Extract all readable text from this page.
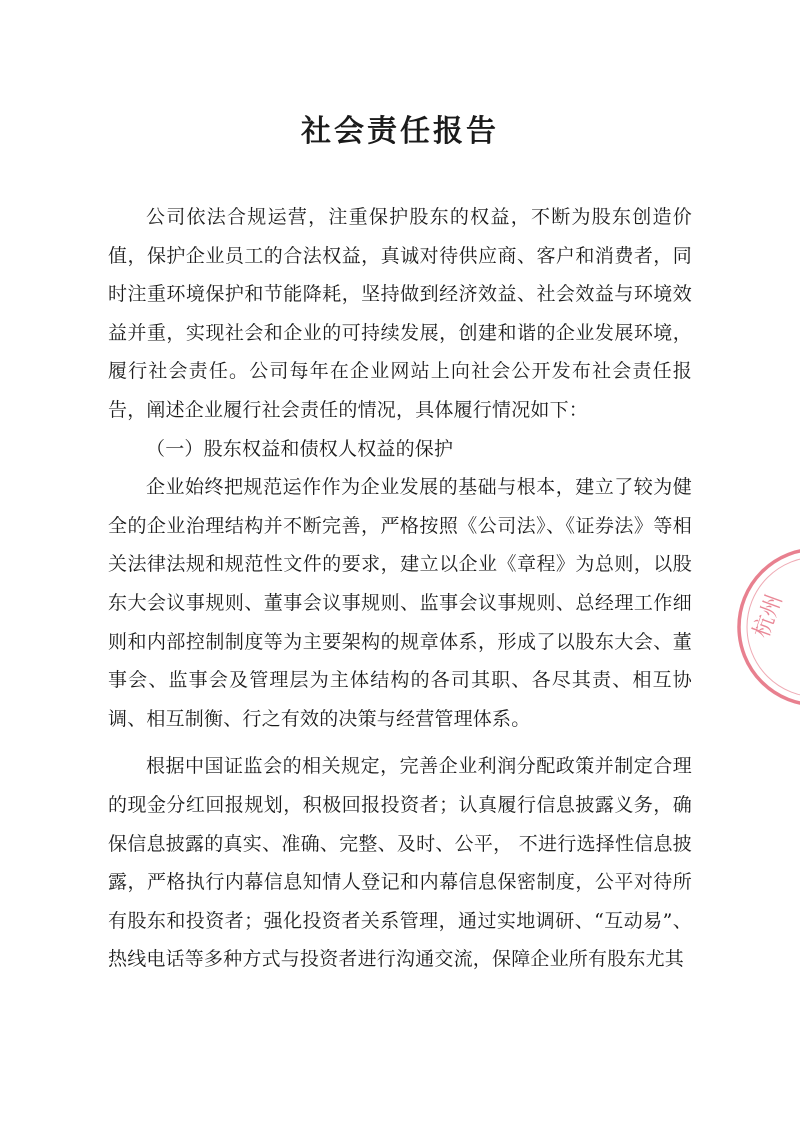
社会责任报告

公司依法合规运营，注重保护股东的权益，不断为股东创造价值，保护企业员工的合法权益，真诚对待供应商、客户和消费者，同时注重环境保护和节能降耗，坚持做到经济效益、社会效益与环境效益并重，实现社会和企业的可持续发展，创建和谐的企业发展环境，履行社会责任。公司每年在企业网站上向社会公开发布社会责任报告，阐述企业履行社会责任的情况，具体履行情况如下：

（一）股东权益和债权人权益的保护

企业始终把规范运作作为企业发展的基础与根本，建立了较为健全的企业治理结构并不断完善，严格按照《公司法》、《证券法》等相关法律法规和规范性文件的要求，建立以企业《章程》为总则，以股东大会议事规则、董事会议事规则、监事会议事规则、总经理工作细则和内部控制制度等为主要架构的规章体系，形成了以股东大会、董事会、监事会及管理层为主体结构的各司其职、各尽其责、相互协调、相互制衡、行之有效的决策与经营管理体系。

根据中国证监会的相关规定，完善企业利润分配政策并制定合理的现金分红回报规划，积极回报投资者；认真履行信息披露义务，确保信息披露的真实、准确、完整、及时、公平， 不进行选择性信息披露，严格执行内幕信息知情人登记和内幕信息保密制度，公平对待所有股东和投资者；强化投资者关系管理，通过实地调研、“互动易”、热线电话等多种方式与投资者进行沟通交流，保障企业所有股东尤其

杭州
